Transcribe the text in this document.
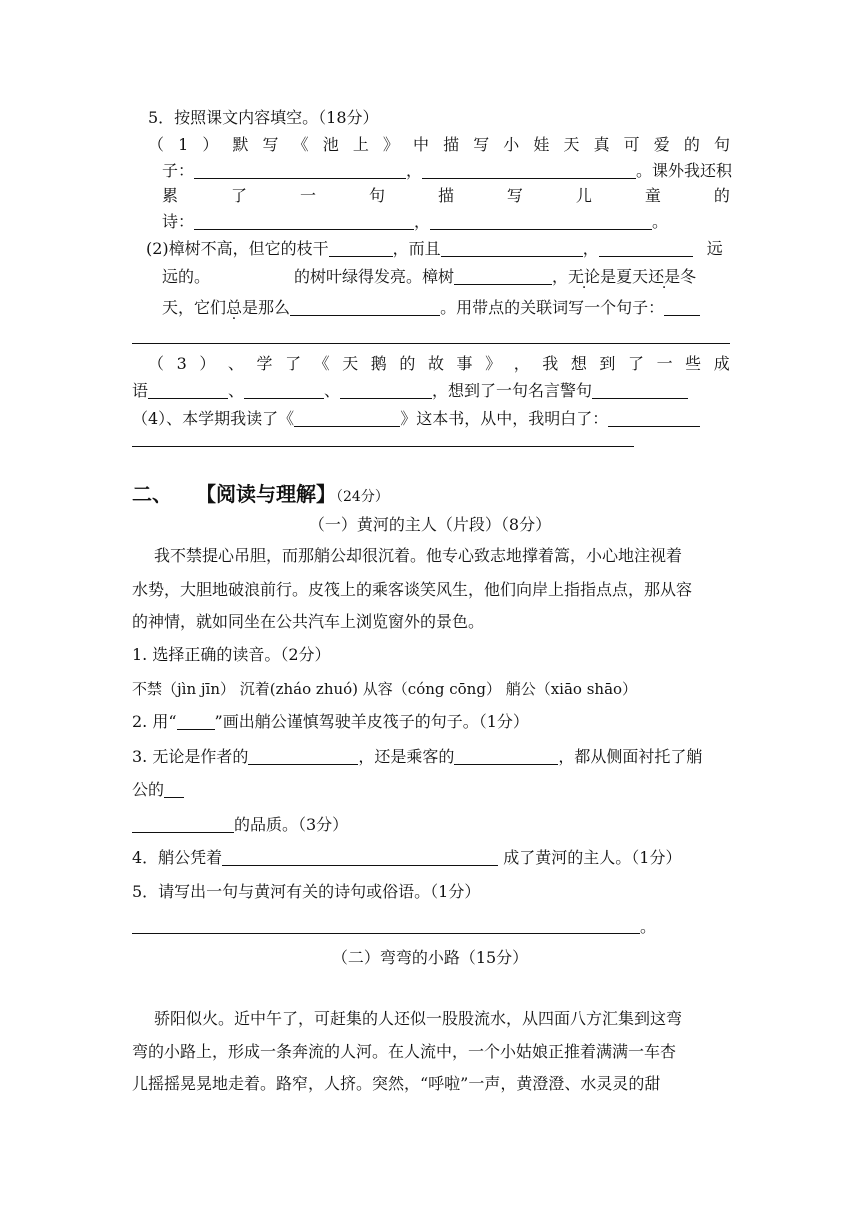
5．按照课文内容填空。（18分）
（ 1 ） 默 写 《 池 上 》 中 描 写 小 娃 天 真 可 爱 的 句
子：	，	。课外我还积
累	了	一	句	描	写	儿	童	的
诗：	，	。
(2)樟树不高，但它的枝干	，而且	，	远
远的。	的树叶绿得发亮。樟树	，无论是夏天还是冬
天，它们总是那么	。用带点的关联词写一个句子：
（ 3 ） 、 学 了 《 天 鹅 的 故 事 》 ， 我 想 到 了 一 些 成
语	、	、	，想到了一句名言警句
（4）、本学期我读了《	》这本书，从中，我明白了：
二、 【阅读与理解】（24分）
（一）黄河的主人（片段）（8分）
我不禁提心吊胆，而那艄公却很沉着。他专心致志地撑着篙，小心地注视着
水势，大胆地破浪前行。皮筏上的乘客谈笑风生，他们向岸上指指点点，那从容
的神情，就如同坐在公共汽车上浏览窗外的景色。
1. 选择正确的读音。（2分）
不禁（jìn jīn） 沉着(zháo zhuó) 从容（cóng cōng） 艄公（xiāo shāo）
2. 用“ ”画出艄公谨慎驾驶羊皮筏子的句子。（1分）
3. 无论是作者的	，还是乘客的	，都从侧面衬托了艄
公的
的品质。（3分）
4．艄公凭着	成了黄河的主人。（1分）
5．请写出一句与黄河有关的诗句或俗语。（1分）
。
（二）弯弯的小路（15分）
骄阳似火。近中午了，可赶集的人还似一股股流水，从四面八方汇集到这弯
弯的小路上，形成一条奔流的人河。在人流中，一个小姑娘正推着满满一车杏
儿摇摇晃晃地走着。路窄，人挤。突然，“呼啦”一声，黄澄澄、水灵灵的甜
